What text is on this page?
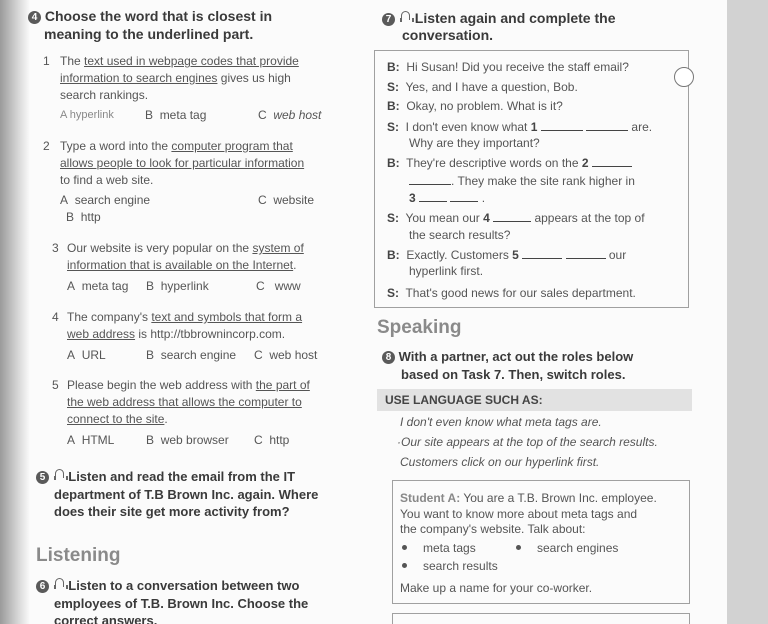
4 Choose the word that is closest in
meaning to the underlined part.
1 The text used in webpage codes that provide
information to search engines gives us high
search rankings.
A hyperlink	B meta tag	C web host
2 Type a word into the computer program that
allows people to look for particular information
to find a web site.
A search engine	C website
B http
3 Our website is very popular on the system of
information that is available on the Internet.
A meta tag B hyperlink	C www
4 The company's text and symbols that form a
web address is http://tbbrownincorp.com.
A URL	B search engine C web host
5 Please begin the web address with the part of
the web address that allows the computer to
connect to the site.
A HTML	B web browser C http
5 Listen and read the email from the IT
department of T.B Brown Inc. again. Where
does their site get more activity from?
Listening
6 Listen to a conversation between two
employees of T.B. Brown Inc. Choose the
correct answers.
7 Listen again and complete the
conversation.
B: Hi Susan! Did you receive the staff email?
S: Yes, and I have a question, Bob.
B: Okay, no problem. What is it?
S: I don't even know what 1	are.
Why are they important?
B: They're descriptive words on the 2
. They make the site rank higher in
3	.
S: You mean our 4	appears at the top of
the search results?
B: Exactly. Customers 5	our
hyperlink first.
S: That's good news for our sales department.
Speaking
8 With a partner, act out the roles below
based on Task 7. Then, switch roles.
USE LANGUAGE SUCH AS:
I don't even know what meta tags are.
·Our site appears at the top of the search results.
Customers click on our hyperlink first.
Student A: You are a T.B. Brown Inc. employee.
You want to know more about meta tags and
the company's website. Talk about:
meta tags	search engines
search results
Make up a name for your co-worker.
